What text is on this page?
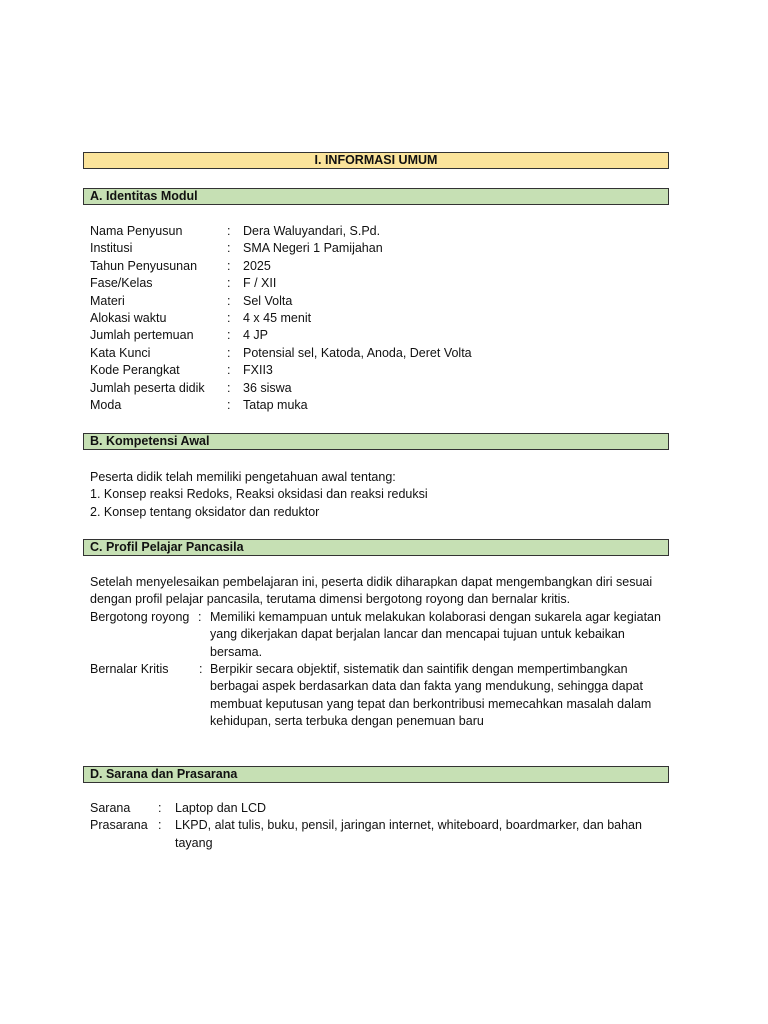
I. INFORMASI UMUM
A. Identitas Modul
Nama Penyusun	: Dera Waluyandari, S.Pd.
Institusi	: SMA Negeri 1 Pamijahan
Tahun Penyusunan : 2025
Fase/Kelas	: F / XII
Materi	: Sel Volta
Alokasi waktu	: 4 x 45 menit
Jumlah pertemuan	: 4 JP
Kata Kunci	: Potensial sel, Katoda, Anoda, Deret Volta
Kode Perangkat	: FXII3
Jumlah peserta didik : 36 siswa
Moda	: Tatap muka
B. Kompetensi Awal
Peserta didik telah memiliki pengetahuan awal tentang:
1. Konsep reaksi Redoks, Reaksi oksidasi dan reaksi reduksi
2. Konsep tentang oksidator dan reduktor
C. Profil Pelajar Pancasila
Setelah menyelesaikan pembelajaran ini, peserta didik diharapkan dapat mengembangkan diri sesuai
dengan profil pelajar pancasila, terutama dimensi bergotong royong dan bernalar kritis.
Bergotong royong : Memiliki kemampuan untuk melakukan kolaborasi dengan sukarela agar kegiatan
yang dikerjakan dapat berjalan lancar dan mencapai tujuan untuk kebaikan
bersama.
Bernalar Kritis : Berpikir secara objektif, sistematik dan saintifik dengan mempertimbangkan
berbagai aspek berdasarkan data dan fakta yang mendukung, sehingga dapat
membuat keputusan yang tepat dan berkontribusi memecahkan masalah dalam
kehidupan, serta terbuka dengan penemuan baru
D. Sarana dan Prasarana
Sarana : Laptop dan LCD
Prasarana : LKPD, alat tulis, buku, pensil, jaringan internet, whiteboard, boardmarker, dan bahan
tayang
